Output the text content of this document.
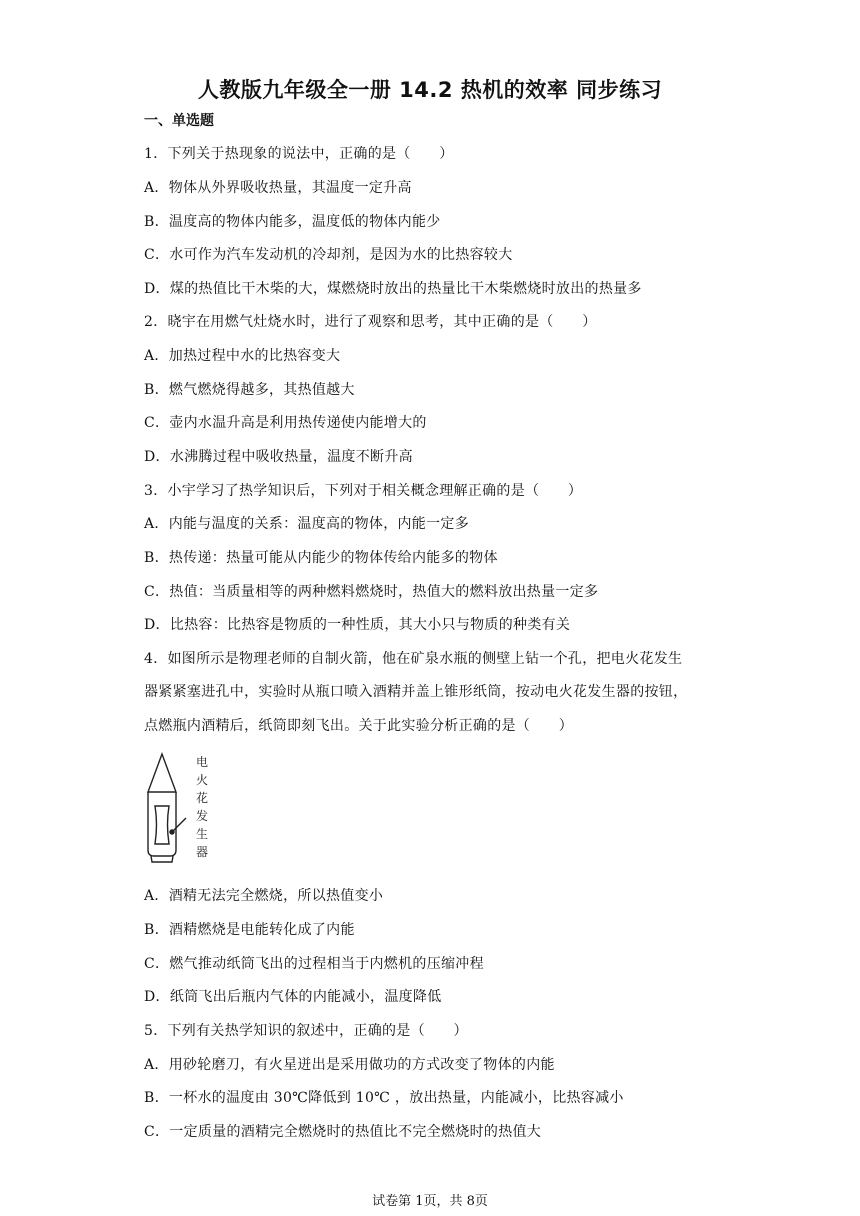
人教版九年级全一册 14.2 热机的效率 同步练习
一、单选题
1．下列关于热现象的说法中，正确的是（　　）
A．物体从外界吸收热量，其温度一定升高
B．温度高的物体内能多，温度低的物体内能少
C．水可作为汽车发动机的冷却剂，是因为水的比热容较大
D．煤的热值比干木柴的大，煤燃烧时放出的热量比干木柴燃烧时放出的热量多
2．晓宇在用燃气灶烧水时，进行了观察和思考，其中正确的是（　　）
A．加热过程中水的比热容变大
B．燃气燃烧得越多，其热值越大
C．壶内水温升高是利用热传递使内能增大的
D．水沸腾过程中吸收热量，温度不断升高
3．小宇学习了热学知识后，下列对于相关概念理解正确的是（　　）
A．内能与温度的关系：温度高的物体，内能一定多
B．热传递：热量可能从内能少的物体传给内能多的物体
C．热值：当质量相等的两种燃料燃烧时，热值大的燃料放出热量一定多
D．比热容：比热容是物质的一种性质，其大小只与物质的种类有关
4．如图所示是物理老师的自制火箭，他在矿泉水瓶的侧壁上钻一个孔，把电火花发生
器紧紧塞进孔中，实验时从瓶口喷入酒精并盖上锥形纸筒，按动电火花发生器的按钮，
点燃瓶内酒精后，纸筒即刻飞出。关于此实验分析正确的是（　　）
电
火
花
发
生
器
A．酒精无法完全燃烧，所以热值变小
B．酒精燃烧是电能转化成了内能
C．燃气推动纸筒飞出的过程相当于内燃机的压缩冲程
D．纸筒飞出后瓶内气体的内能减小，温度降低
5．下列有关热学知识的叙述中，正确的是（　　）
A．用砂轮磨刀，有火星迸出是采用做功的方式改变了物体的内能
B．一杯水的温度由 30℃降低到 10℃ ，放出热量，内能减小，比热容减小
C．一定质量的酒精完全燃烧时的热值比不完全燃烧时的热值大
试卷第 1页，共 8页
